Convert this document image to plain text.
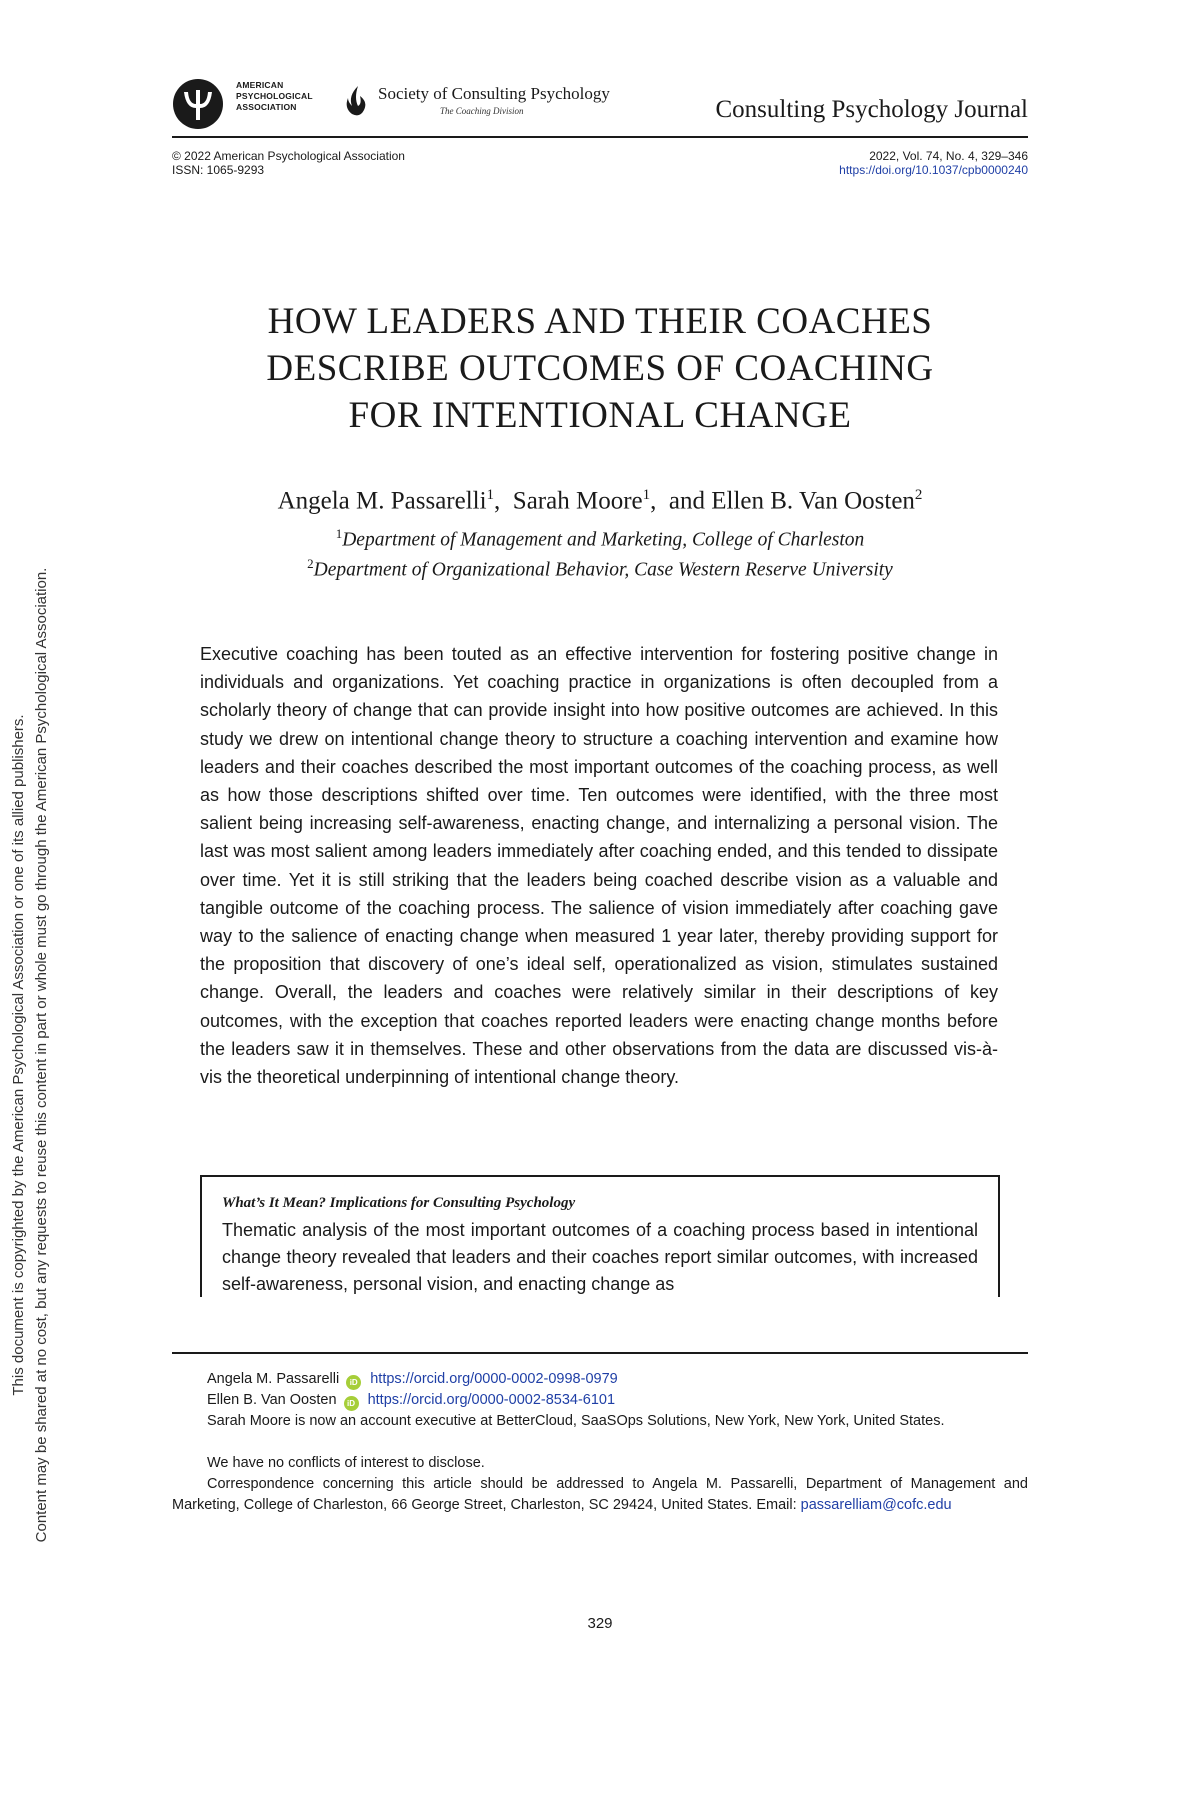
AMERICAN
PSYCHOLOGICAL
ASSOCIATION
Society of Consulting Psychology
The Coaching Division	Consulting Psychology Journal
© 2022 American Psychological Association
ISSN: 1065-9293
2022, Vol. 74, No. 4, 329–346
https://doi.org/10.1037/cpb0000240
HOW LEADERS AND THEIR COACHES
DESCRIBE OUTCOMES OF COACHING
FOR INTENTIONAL CHANGE
Angela M. Passarelli$^1$,  Sarah Moore$^1$,  and Ellen B. Van Oosten$^2$
$^1$Department of Management and Marketing, College of Charleston
$^2$Department of Organizational Behavior, Case Western Reserve University
Executive coaching has been touted as an effective intervention for fostering positive change in individuals and organizations. Yet coaching practice in organizations is often decoupled from a scholarly theory of change that can provide insight into how positive outcomes are achieved. In this study we drew on intentional change theory to structure a coaching intervention and examine how leaders and their coaches described the most important outcomes of the coaching process, as well as how those descriptions shifted over time. Ten outcomes were identified, with the three most salient being increasing self-awareness, enacting change, and internalizing a personal vision. The last was most salient among leaders immediately after coaching ended, and this tended to dissipate over time. Yet it is still striking that the leaders being coached describe vision as a valuable and tangible outcome of the coaching process. The salience of vision immediately after coaching gave way to the salience of enacting change when measured 1 year later, thereby providing support for the proposition that discovery of one’s ideal self, operationalized as vision, stimulates sustained change. Overall, the leaders and coaches were relatively similar in their descriptions of key outcomes, with the exception that coaches reported leaders were enacting change months before the leaders saw it in themselves. These and other observations from the data are discussed vis-à-vis the theoretical underpinning of intentional change theory.
What’s It Mean? Implications for Consulting Psychology
Thematic analysis of the most important outcomes of a coaching process based in intentional change theory revealed that leaders and their coaches report similar outcomes, with increased self-awareness, personal vision, and enacting change as
Angela M. Passarelli iD https://orcid.org/0000-0002-0998-0979
Ellen B. Van Oosten iD https://orcid.org/0000-0002-8534-6101
Sarah Moore is now an account executive at BetterCloud, SaaSOps Solutions, New York, New York, United States.
We have no conflicts of interest to disclose.
Correspondence concerning this article should be addressed to Angela M. Passarelli, Department of Management and Marketing, College of Charleston, 66 George Street, Charleston, SC 29424, United States. Email: passarelliam@cofc.edu
329
This document is copyrighted by the American Psychological Association or one of its allied publishers. Content may be shared at no cost, but any requests to reuse this content in part or whole must go through the American Psychological Association.
